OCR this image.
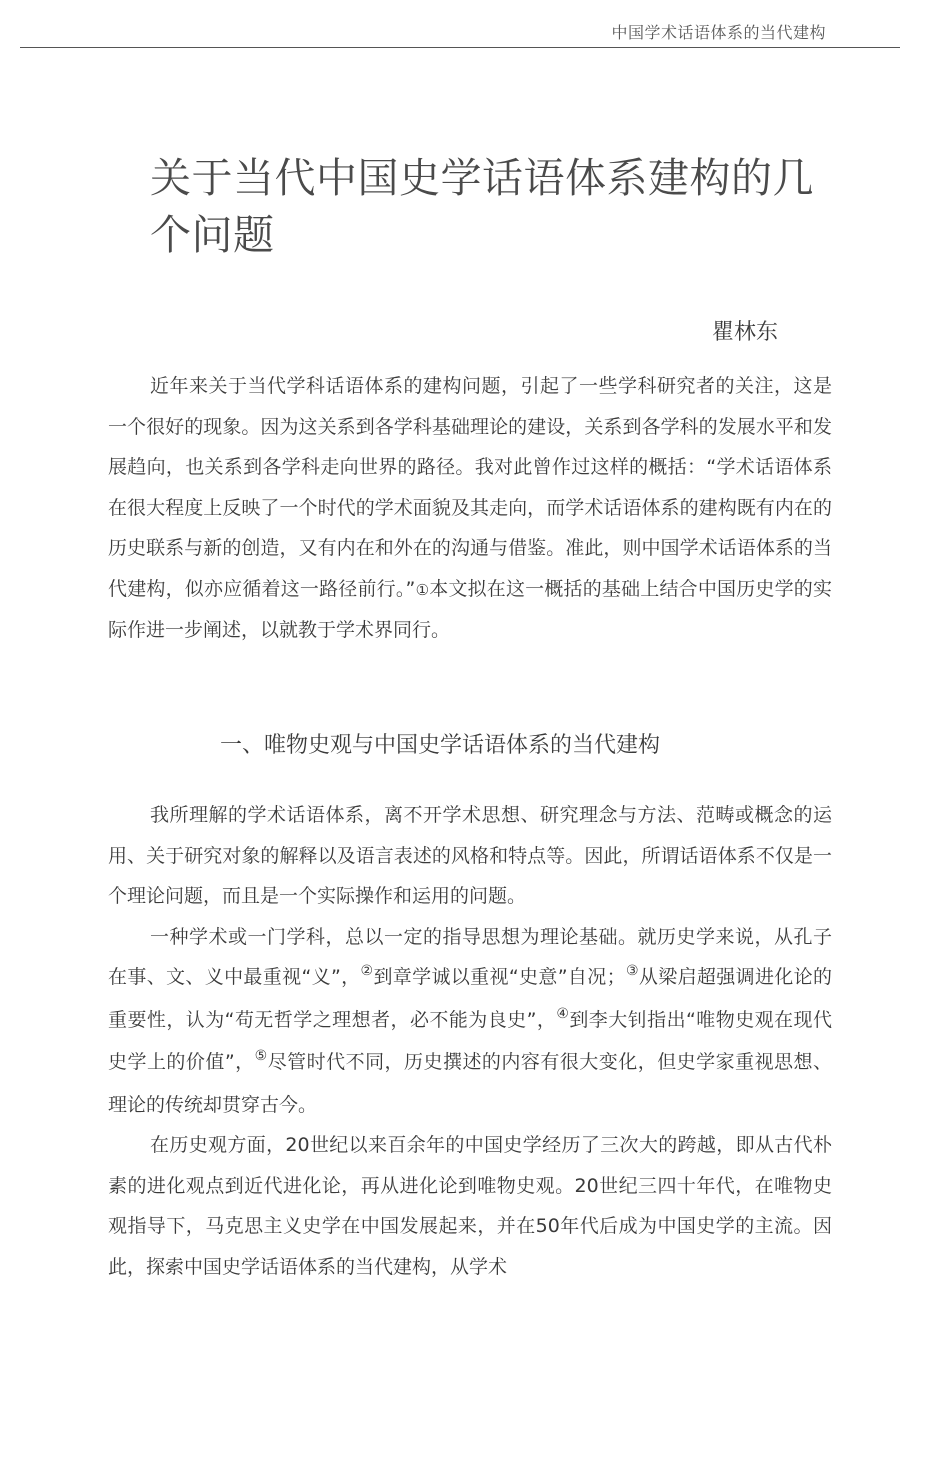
中国学术话语体系的当代建构
关于当代中国史学话语体系建构的几个问题
瞿林东

近年来关于当代学科话语体系的建构问题，引起了一些学科研究者的关注，这是一个很好的现象。因为这关系到各学科基础理论的建设，关系到各学科的发展水平和发展趋向，也关系到各学科走向世界的路径。我对此曾作过这样的概括：“学术话语体系在很大程度上反映了一个时代的学术面貌及其走向，而学术话语体系的建构既有内在的历史联系与新的创造，又有内在和外在的沟通与借鉴。准此，则中国学术话语体系的当代建构，似亦应循着这一路径前行。”①本文拟在这一概括的基础上结合中国历史学的实际作进一步阐述，以就教于学术界同行。

一、唯物史观与中国史学话语体系的当代建构

我所理解的学术话语体系，离不开学术思想、研究理念与方法、范畴或概念的运用、关于研究对象的解释以及语言表述的风格和特点等。因此，所谓话语体系不仅是一个理论问题，而且是一个实际操作和运用的问题。

一种学术或一门学科，总以一定的指导思想为理论基础。就历史学来说，从孔子在事、文、义中最重视“义”，②到章学诚以重视“史意”自况；③从梁启超强调进化论的重要性，认为“苟无哲学之理想者，必不能为良史”，④到李大钊指出“唯物史观在现代史学上的价值”，⑤尽管时代不同，历史撰述的内容有很大变化，但史学家重视思想、理论的传统却贯穿古今。

在历史观方面，20世纪以来百余年的中国史学经历了三次大的跨越，即从古代朴素的进化观点到近代进化论，再从进化论到唯物史观。20世纪三四十年代，在唯物史观指导下，马克思主义史学在中国发展起来，并在50年代后成为中国史学的主流。因此，探索中国史学话语体系的当代建构，从学术
